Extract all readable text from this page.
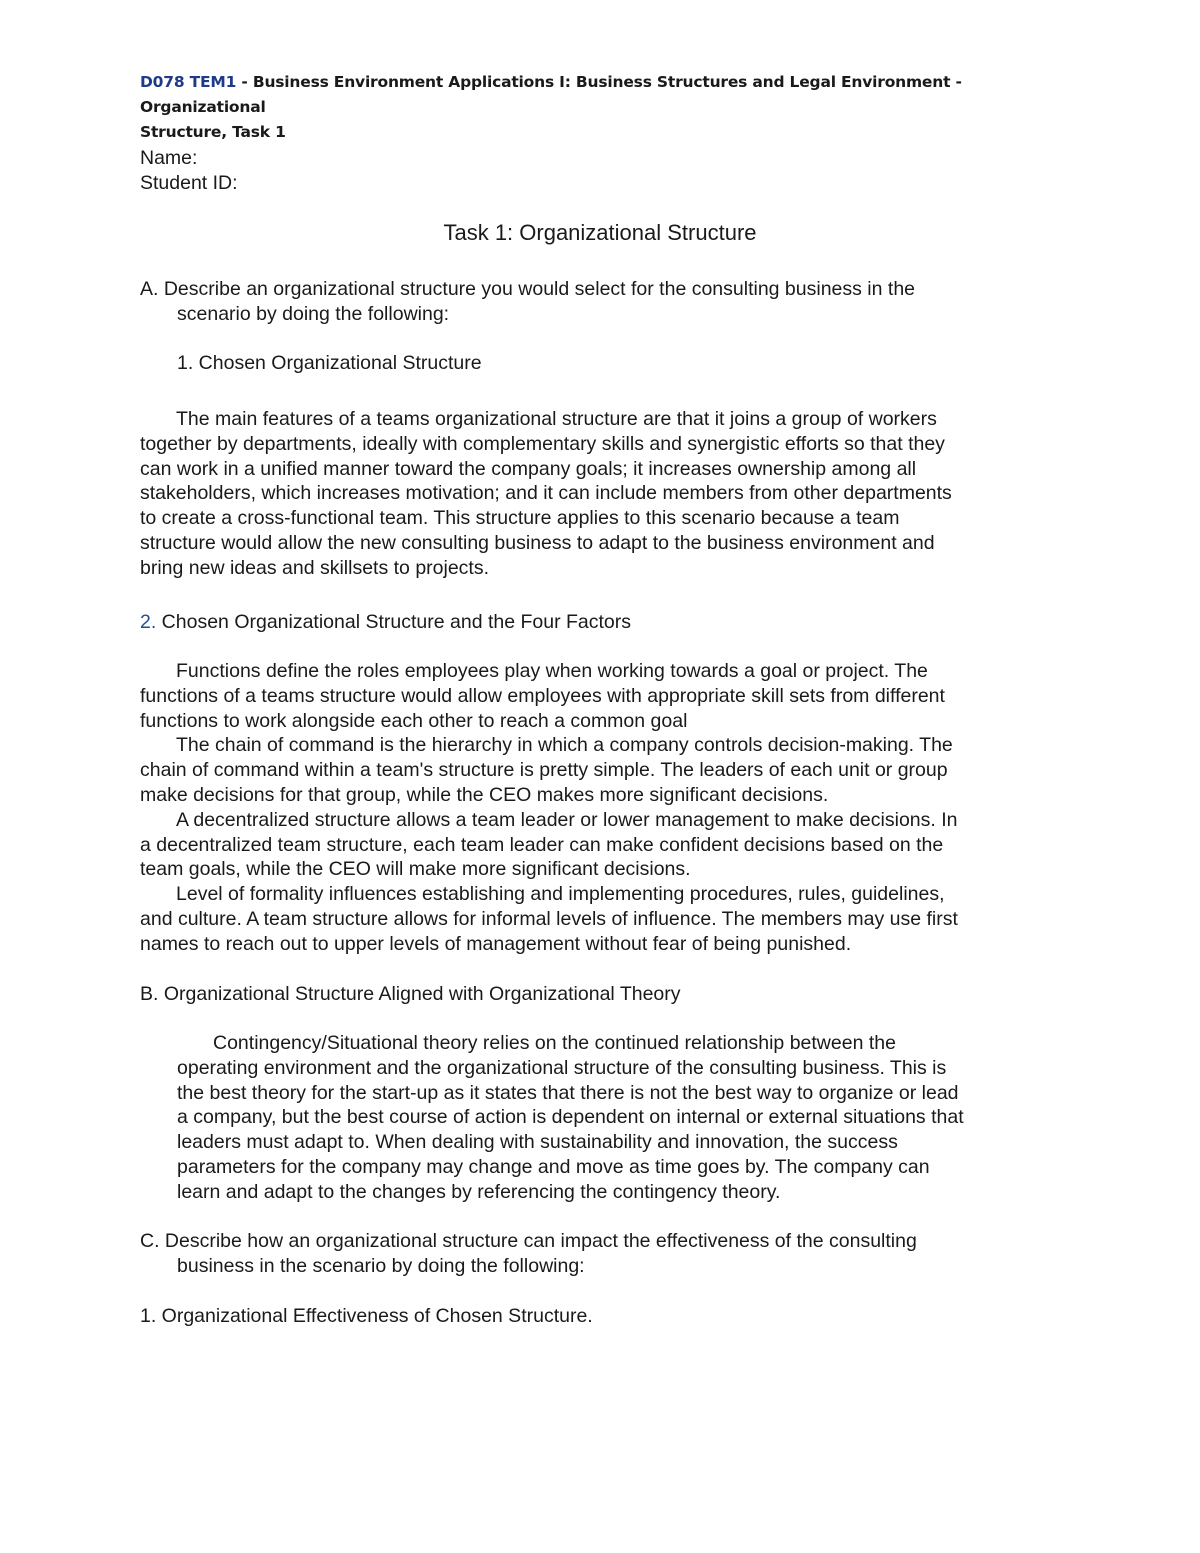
D078 TEM1 - Business Environment Applications I: Business Structures and Legal Environment - Organizational
Structure, Task 1
Name:
Student ID:
Task 1: Organizational Structure
A. Describe an organizational structure you would select for the consulting business in the
scenario by doing the following:
1. Chosen Organizational Structure

The main features of a teams organizational structure are that it joins a group of workers

together by departments, ideally with complementary skills and synergistic efforts so that they

can work in a unified manner toward the company goals; it increases ownership among all

stakeholders, which increases motivation; and it can include members from other departments

to create a cross-functional team. This structure applies to this scenario because a team

structure would allow the new consulting business to adapt to the business environment and

bring new ideas and skillsets to projects.

2. Chosen Organizational Structure and the Four Factors

Functions define the roles employees play when working towards a goal or project. The

functions of a teams structure would allow employees with appropriate skill sets from different

functions to work alongside each other to reach a common goal

The chain of command is the hierarchy in which a company controls decision-making. The

chain of command within a team's structure is pretty simple. The leaders of each unit or group

make decisions for that group, while the CEO makes more significant decisions.

A decentralized structure allows a team leader or lower management to make decisions. In

a decentralized team structure, each team leader can make confident decisions based on the

team goals, while the CEO will make more significant decisions.

Level of formality influences establishing and implementing procedures, rules, guidelines,

and culture. A team structure allows for informal levels of influence. The members may use first

names to reach out to upper levels of management without fear of being punished.

B. Organizational Structure Aligned with Organizational Theory

Contingency/Situational theory relies on the continued relationship between the

operating environment and the organizational structure of the consulting business. This is

the best theory for the start-up as it states that there is not the best way to organize or lead

a company, but the best course of action is dependent on internal or external situations that

leaders must adapt to. When dealing with sustainability and innovation, the success

parameters for the company may change and move as time goes by. The company can

learn and adapt to the changes by referencing the contingency theory.

C. Describe how an organizational structure can impact the effectiveness of the consulting
business in the scenario by doing the following:
1. Organizational Effectiveness of Chosen Structure.
